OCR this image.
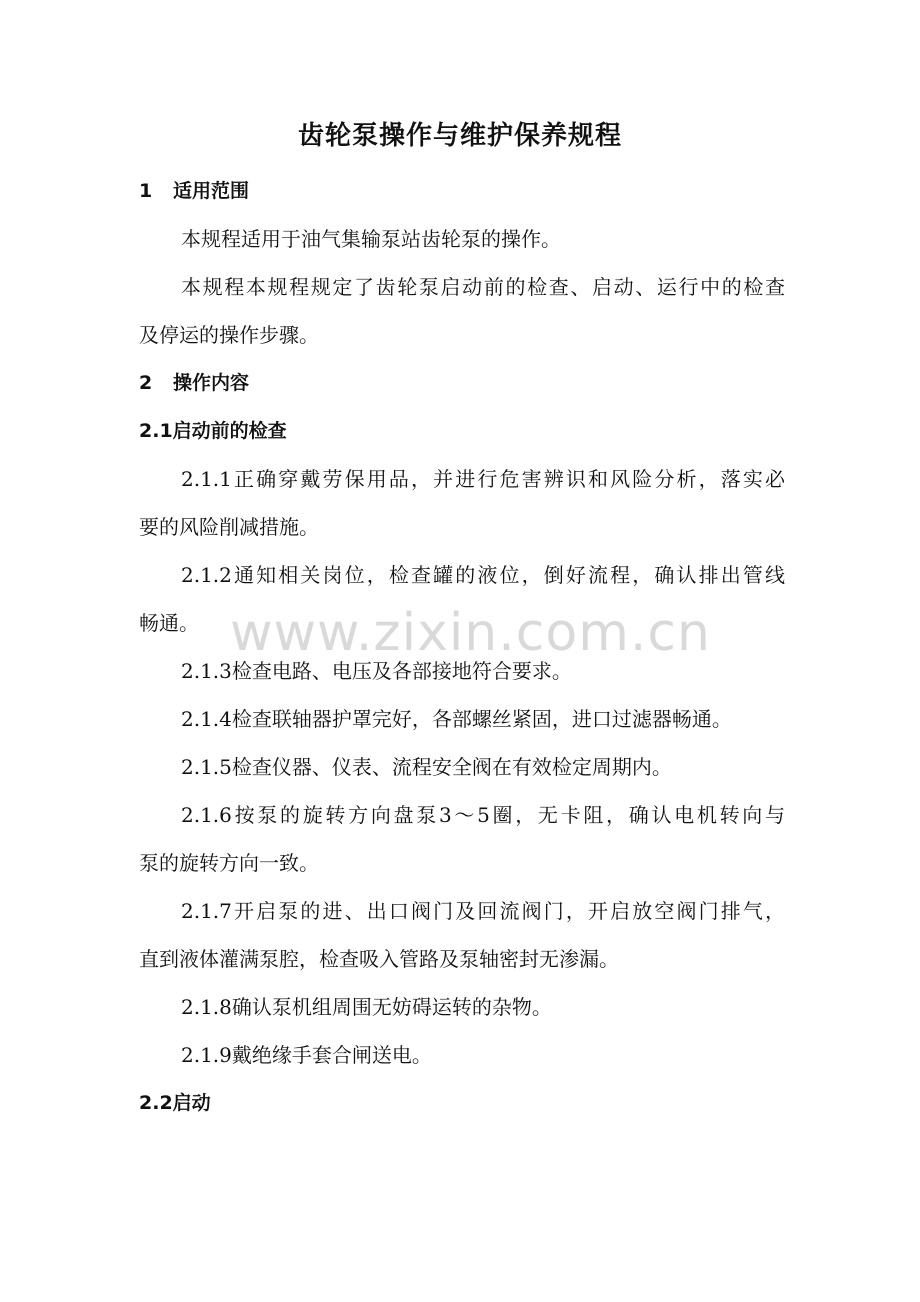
齿轮泵操作与维护保养规程
1 适用范围
本规程适用于油气集输泵站齿轮泵的操作。
本规程本规程规定了齿轮泵启动前的检查、启动、运行中的检查
及停运的操作步骤。
2 操作内容
2.1启动前的检查
2.1.1正确穿戴劳保用品，并进行危害辨识和风险分析，落实必
要的风险削减措施。
2.1.2通知相关岗位，检查罐的液位，倒好流程，确认排出管线
畅通。
2.1.3检查电路、电压及各部接地符合要求。
2.1.4检查联轴器护罩完好，各部螺丝紧固，进口过滤器畅通。
2.1.5检查仪器、仪表、流程安全阀在有效检定周期内。
2.1.6按泵的旋转方向盘泵3～5圈，无卡阻，确认电机转向与
泵的旋转方向一致。
2.1.7开启泵的进、出口阀门及回流阀门，开启放空阀门排气，
直到液体灌满泵腔，检查吸入管路及泵轴密封无渗漏。
2.1.8确认泵机组周围无妨碍运转的杂物。
2.1.9戴绝缘手套合闸送电。
2.2启动
www.zixin.com.cn
